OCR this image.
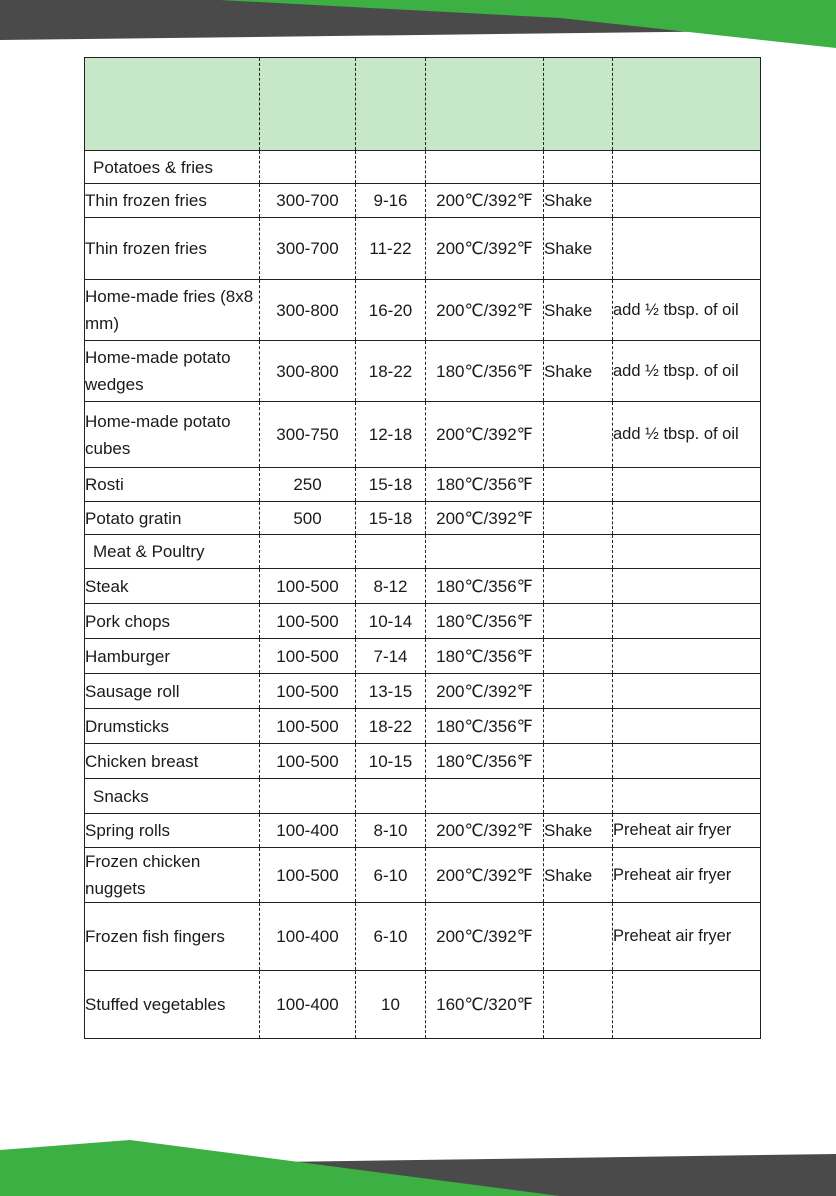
Potatoes & fries					
Thin frozen fries	300-700	9-16	200℃/392℉	Shake	
Thin frozen fries	300-700	11-22	200℃/392℉	Shake	
Home-made fries (8x8 mm)	300-800	16-20	200℃/392℉	Shake	add ½ tbsp. of oil
Home-made potato wedges	300-800	18-22	180℃/356℉	Shake	add ½ tbsp. of oil
Home-made potato cubes	300-750	12-18	200℃/392℉		add ½ tbsp. of oil
Rosti	250	15-18	180℃/356℉		
Potato gratin	500	15-18	200℃/392℉		
Meat & Poultry					
Steak	100-500	8-12	180℃/356℉		
Pork chops	100-500	10-14	180℃/356℉		
Hamburger	100-500	7-14	180℃/356℉		
Sausage roll	100-500	13-15	200℃/392℉		
Drumsticks	100-500	18-22	180℃/356℉		
Chicken breast	100-500	10-15	180℃/356℉		
Snacks					
Spring rolls	100-400	8-10	200℃/392℉	Shake	Preheat air fryer
Frozen chicken nuggets	100-500	6-10	200℃/392℉	Shake	Preheat air fryer
Frozen fish fingers	100-400	6-10	200℃/392℉		Preheat air fryer
Stuffed vegetables	100-400	10	160℃/320℉		
